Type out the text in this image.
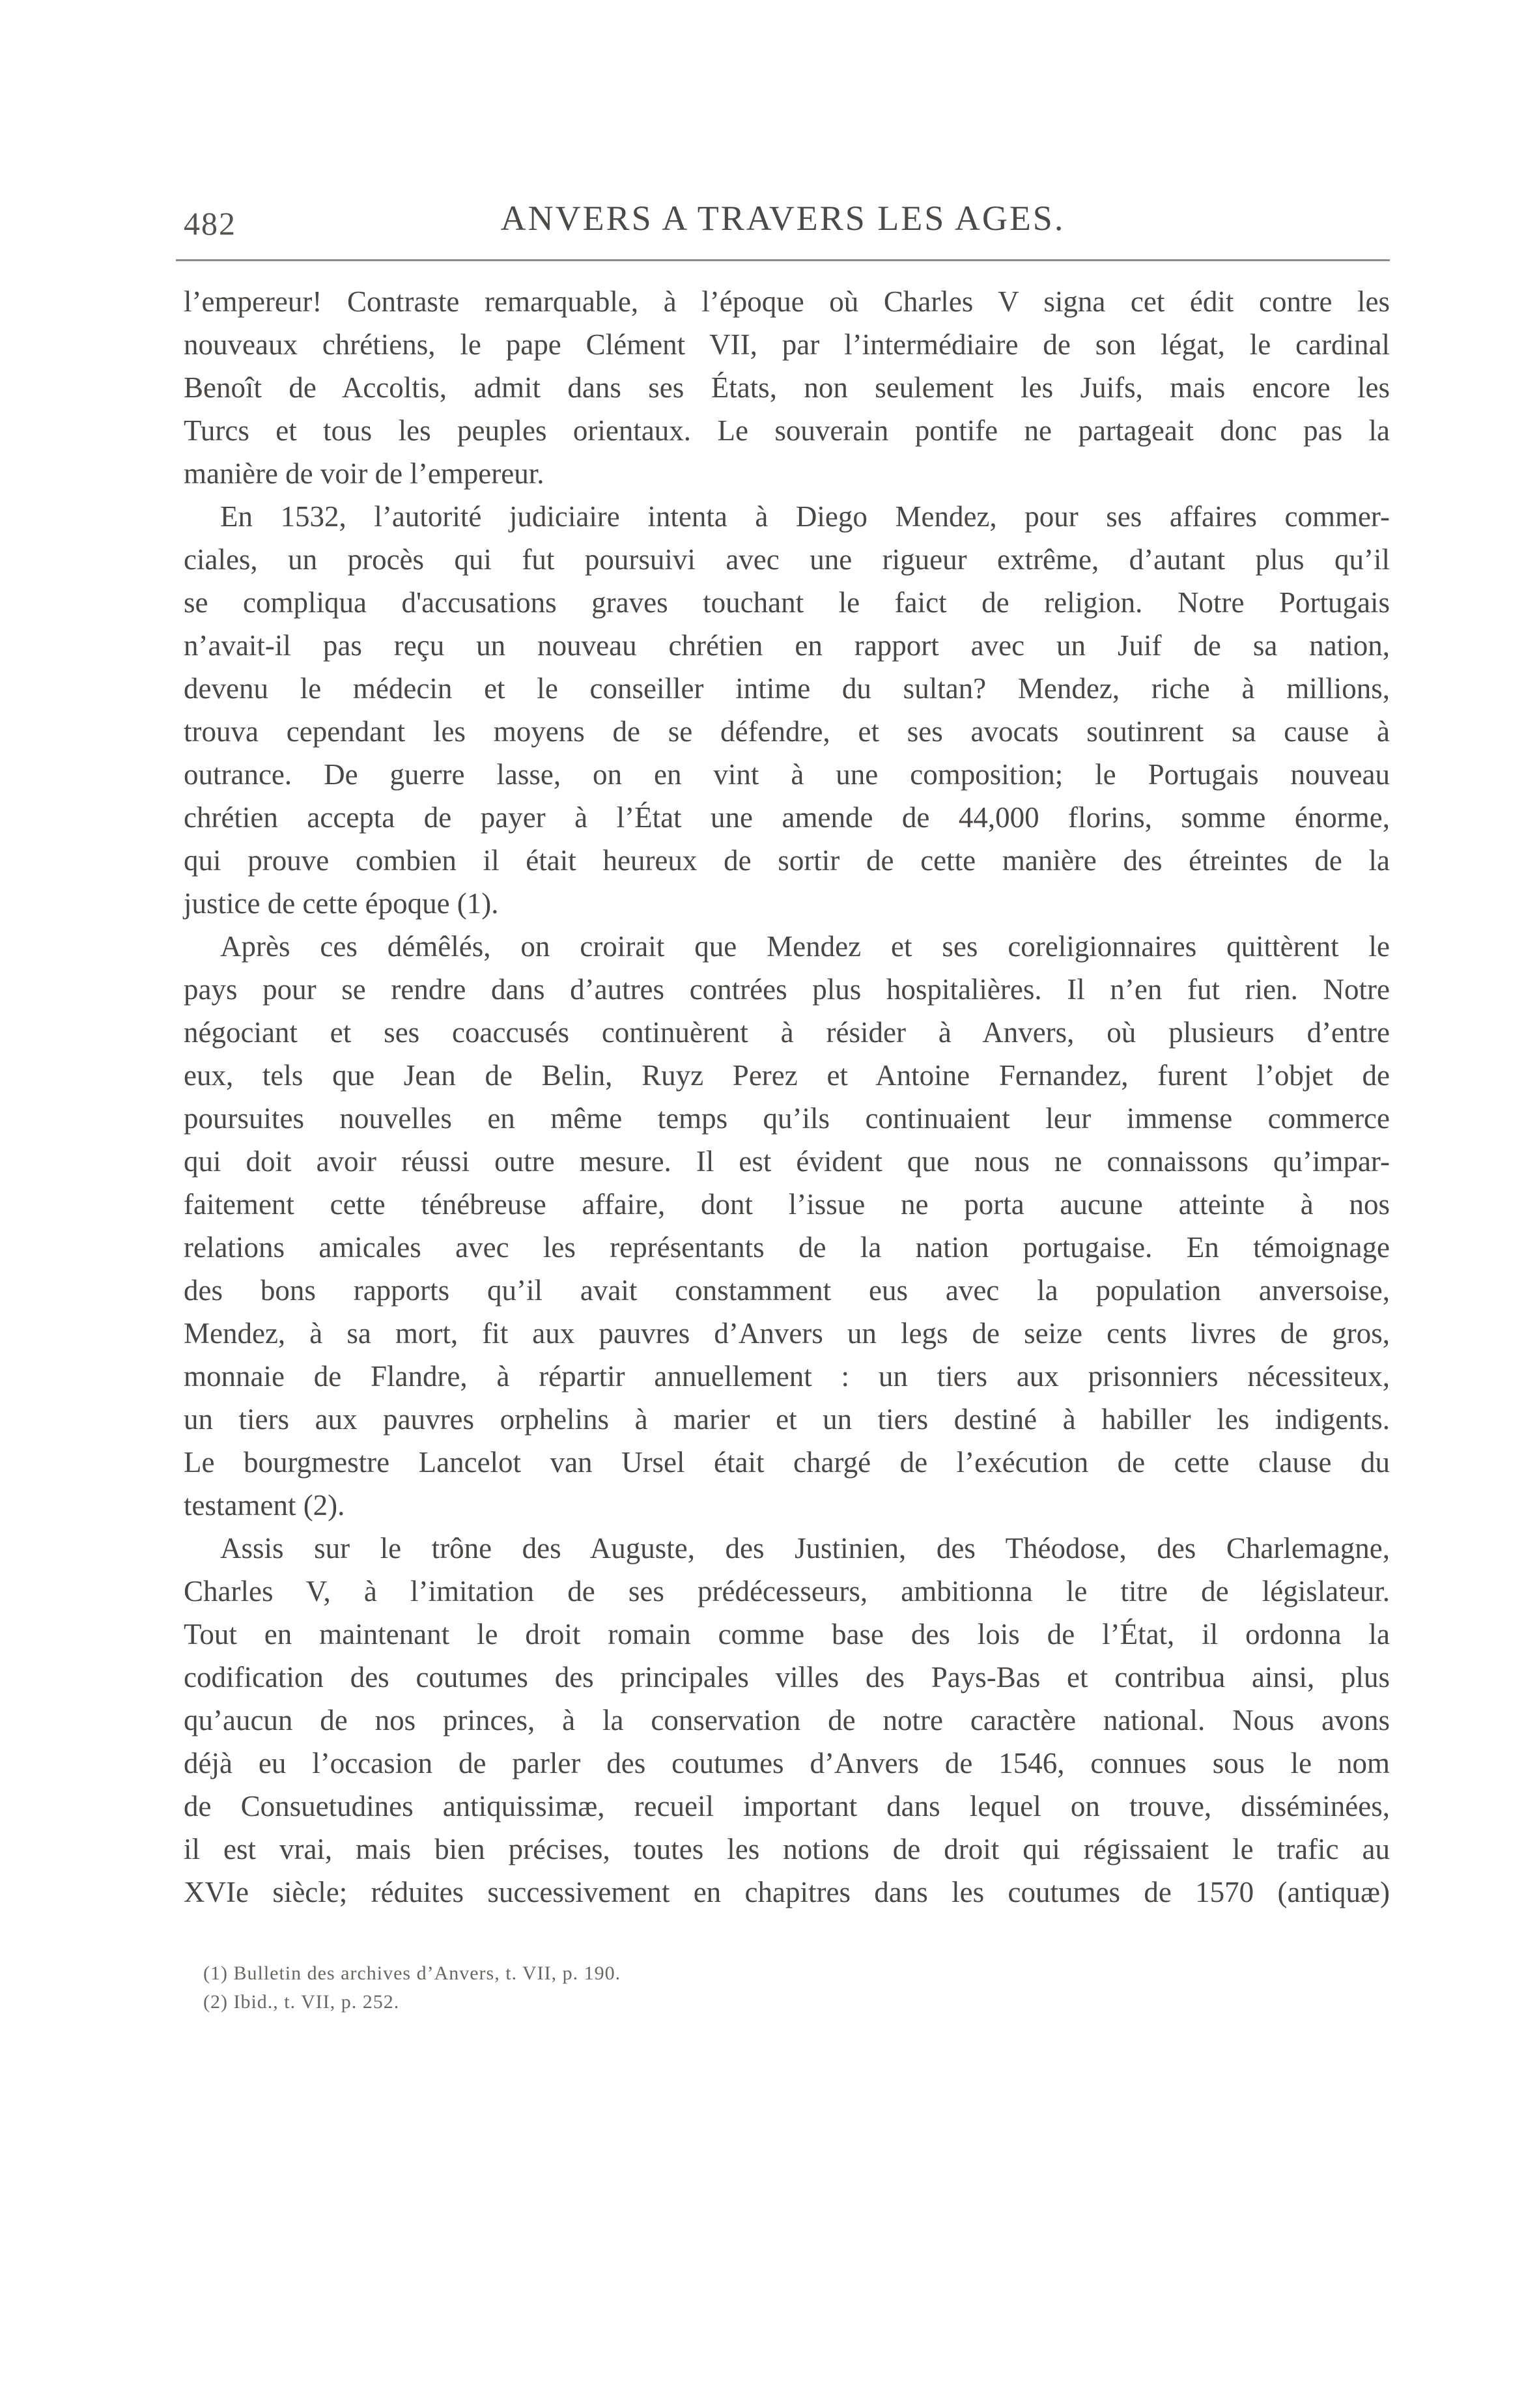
482	ANVERS A TRAVERS LES AGES.
l’empereur! Contraste remarquable, à l’époque où Charles V signa cet édit contre les
nouveaux chrétiens, le pape Clément VII, par l’intermédiaire de son légat, le cardinal
Benoît de Accoltis, admit dans ses États, non seulement les Juifs, mais encore les
Turcs et tous les peuples orientaux. Le souverain pontife ne partageait donc pas la
manière de voir de l’empereur.
En 1532, l’autorité judiciaire intenta à Diego Mendez, pour ses affaires commer-
ciales, un procès qui fut poursuivi avec une rigueur extrême, d’autant plus qu’il
se compliqua d'accusations graves touchant le faict de religion. Notre Portugais
n’avait-il pas reçu un nouveau chrétien en rapport avec un Juif de sa nation,
devenu le médecin et le conseiller intime du sultan? Mendez, riche à millions,
trouva cependant les moyens de se défendre, et ses avocats soutinrent sa cause à
outrance. De guerre lasse, on en vint à une composition; le Portugais nouveau
chrétien accepta de payer à l’État une amende de 44,000 florins, somme énorme,
qui prouve combien il était heureux de sortir de cette manière des étreintes de la
justice de cette époque (1).
Après ces démêlés, on croirait que Mendez et ses coreligionnaires quittèrent le
pays pour se rendre dans d’autres contrées plus hospitalières. Il n’en fut rien. Notre
négociant et ses coaccusés continuèrent à résider à Anvers, où plusieurs d’entre
eux, tels que Jean de Belin, Ruyz Perez et Antoine Fernandez, furent l’objet de
poursuites nouvelles en même temps qu’ils continuaient leur immense commerce
qui doit avoir réussi outre mesure. Il est évident que nous ne connaissons qu’impar-
faitement cette ténébreuse affaire, dont l’issue ne porta aucune atteinte à nos
relations amicales avec les représentants de la nation portugaise. En témoignage
des bons rapports qu’il avait constamment eus avec la population anversoise,
Mendez, à sa mort, fit aux pauvres d’Anvers un legs de seize cents livres de gros,
monnaie de Flandre, à répartir annuellement : un tiers aux prisonniers nécessiteux,
un tiers aux pauvres orphelins à marier et un tiers destiné à habiller les indigents.
Le bourgmestre Lancelot van Ursel était chargé de l’exécution de cette clause du
testament (2).
Assis sur le trône des Auguste, des Justinien, des Théodose, des Charlemagne,
Charles V, à l’imitation de ses prédécesseurs, ambitionna le titre de législateur.
Tout en maintenant le droit romain comme base des lois de l’État, il ordonna la
codification des coutumes des principales villes des Pays-Bas et contribua ainsi, plus
qu’aucun de nos princes, à la conservation de notre caractère national. Nous avons
déjà eu l’occasion de parler des coutumes d’Anvers de 1546, connues sous le nom
de Consuetudines antiquissimæ, recueil important dans lequel on trouve, disséminées,
il est vrai, mais bien précises, toutes les notions de droit qui régissaient le trafic au
XVIe siècle; réduites successivement en chapitres dans les coutumes de 1570 (antiquæ)
(1) Bulletin des archives d’Anvers, t. VII, p. 190.
(2) Ibid., t. VII, p. 252.
